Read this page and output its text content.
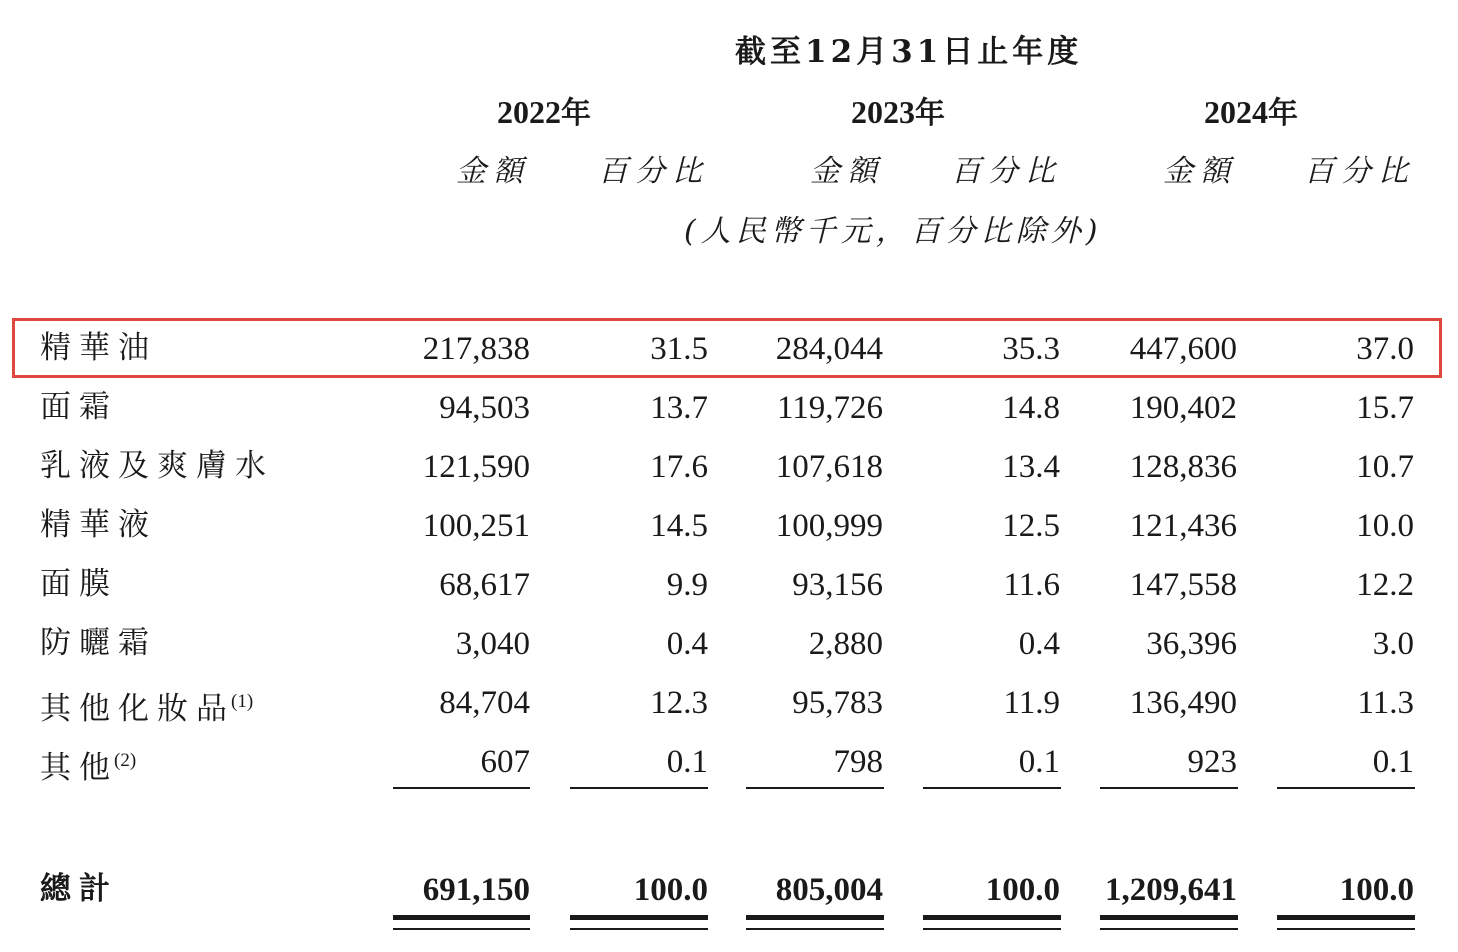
截至12月31日止年度
2022年	2023年	2024年
金額 百分比	金額 百分比	金額 百分比
(人民幣千元，百分比除外)
精華油	217,838	31.5	284,044	35.3	447,600	37.0
面霜	94,503	13.7	119,726	14.8	190,402	15.7
乳液及爽膚水	121,590	17.6	107,618	13.4	128,836	10.7
精華液	100,251	14.5	100,999	12.5	121,436	10.0
面膜	68,617	9.9	93,156	11.6	147,558	12.2
防曬霜	3,040	0.4	2,880	0.4	36,396	3.0
其他化妝品$^{(1)}$	84,704	12.3	95,783	11.9	136,490	11.3
其他$^{(2)}$	607	0.1	798	0.1	923	0.1
總計	691,150	100.0	805,004	100.0	1,209,641	100.0
